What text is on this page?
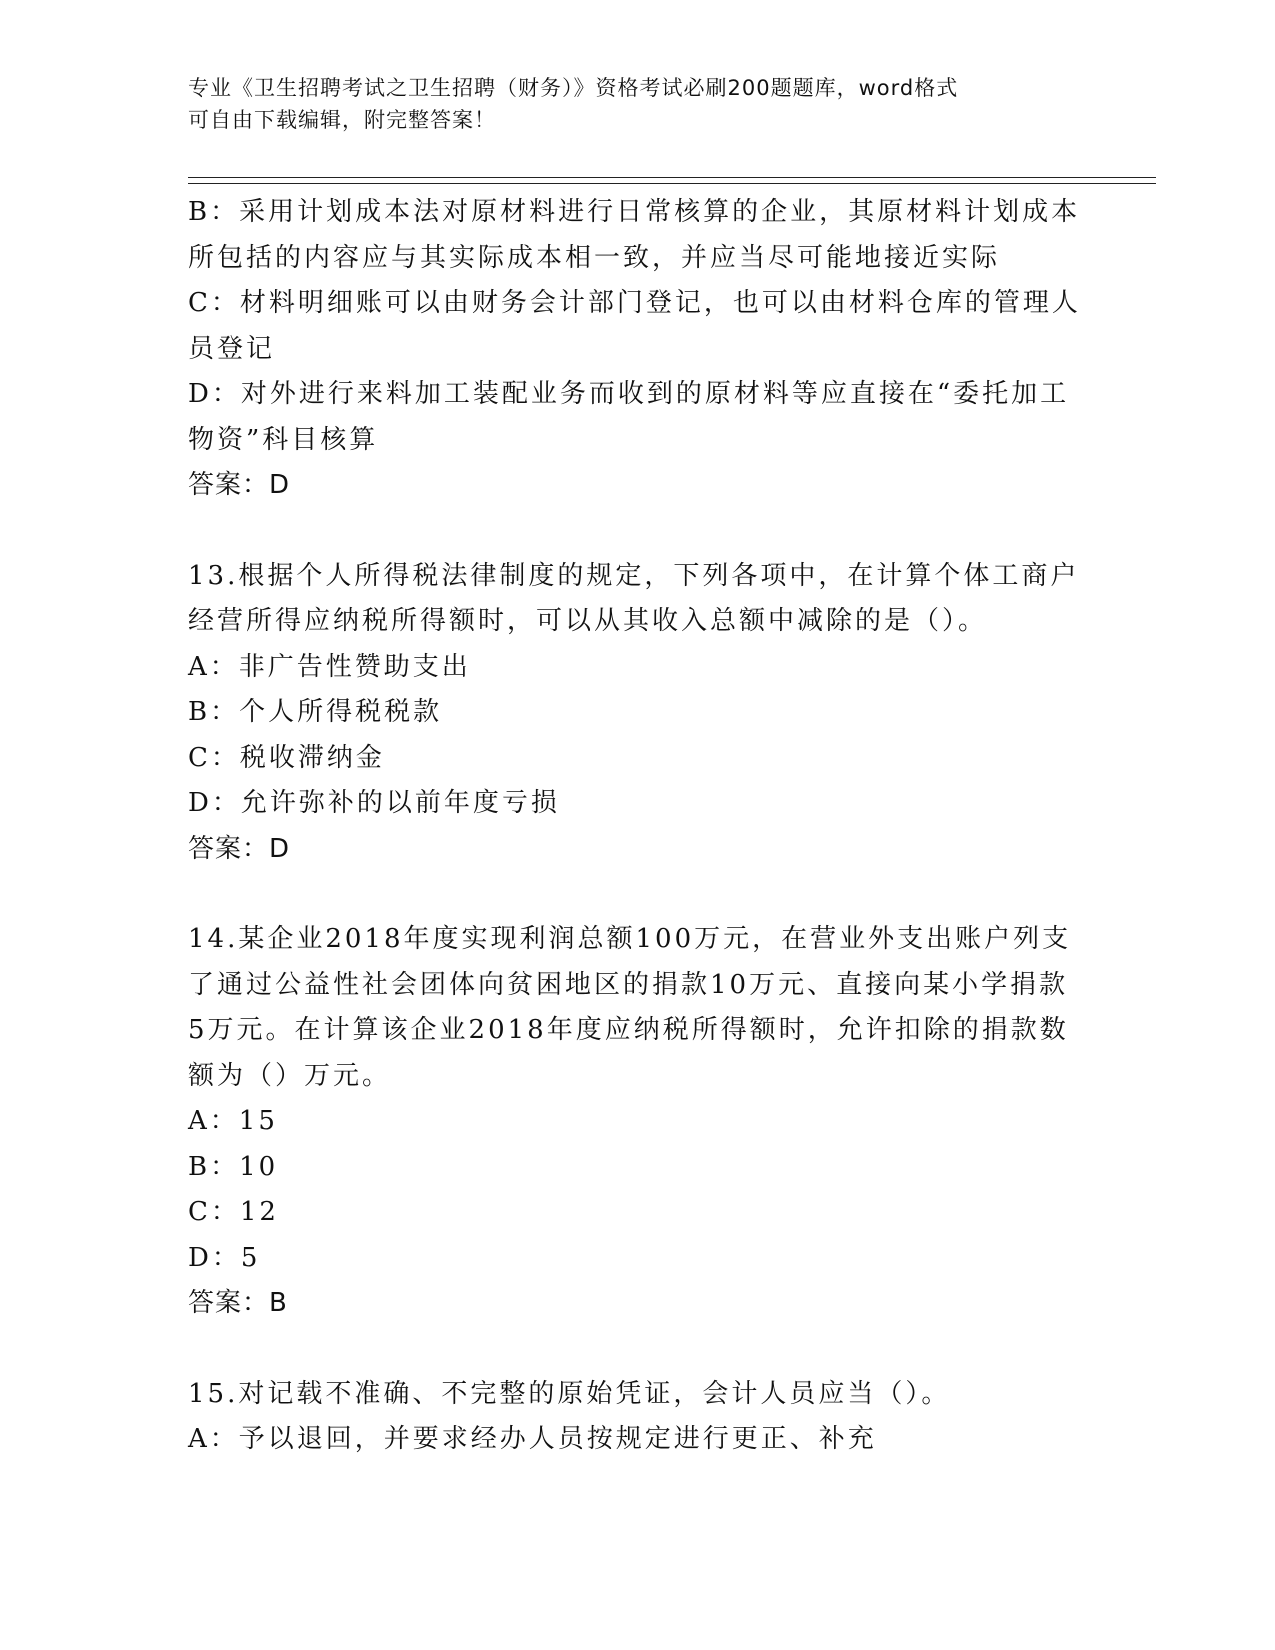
专业《卫生招聘考试之卫生招聘（财务）》资格考试必刷200题题库，word格式
可自由下载编辑，附完整答案！

B：采用计划成本法对原材料进行日常核算的企业，其原材料计划成本

所包括的内容应与其实际成本相一致，并应当尽可能地接近实际

C：材料明细账可以由财务会计部门登记，也可以由材料仓库的管理人

员登记

D：对外进行来料加工装配业务而收到的原材料等应直接在“委托加工

物资”科目核算

答案：D

13.根据个人所得税法律制度的规定，下列各项中，在计算个体工商户

经营所得应纳税所得额时，可以从其收入总额中减除的是（）。

A：非广告性赞助支出

B：个人所得税税款

C：税收滞纳金

D：允许弥补的以前年度亏损

答案：D

14.某企业2018年度实现利润总额100万元，在营业外支出账户列支

了通过公益性社会团体向贫困地区的捐款10万元、直接向某小学捐款

5万元。在计算该企业2018年度应纳税所得额时，允许扣除的捐款数

额为（）万元。

A：15

B：10

C：12

D：5

答案：B

15.对记载不准确、不完整的原始凭证，会计人员应当（）。

A：予以退回，并要求经办人员按规定进行更正、补充
